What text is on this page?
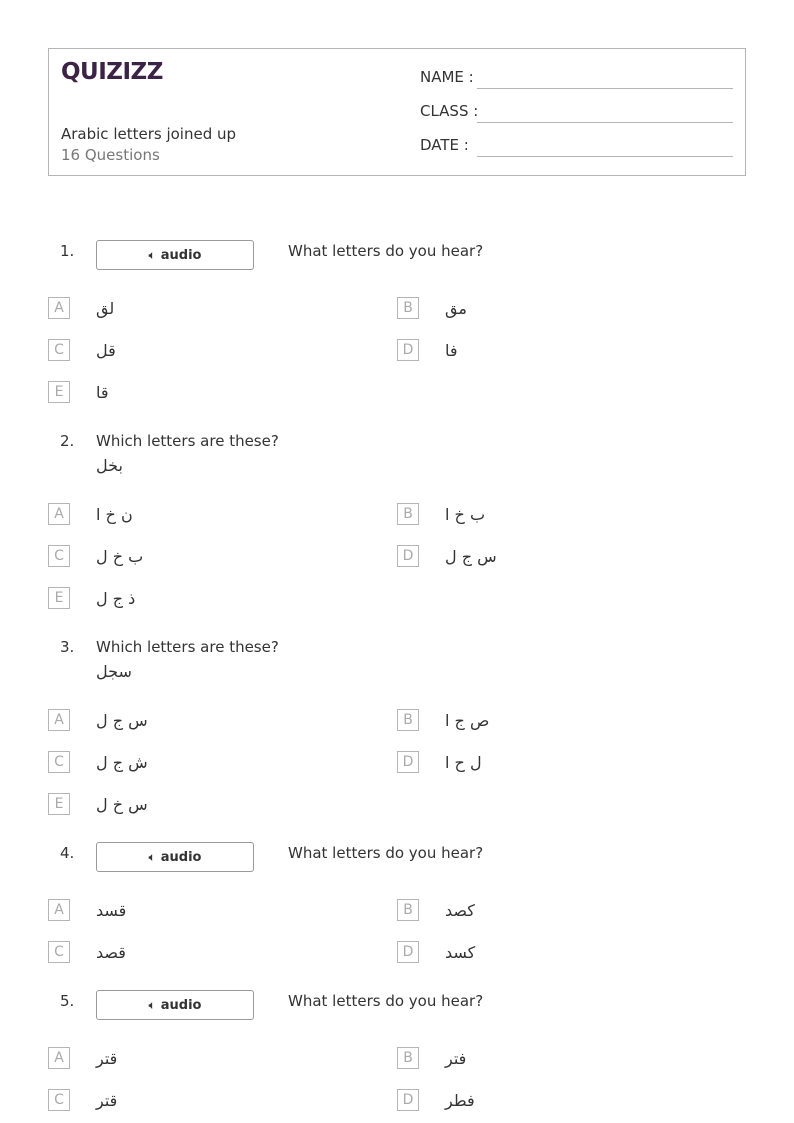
QUIZIZZ
Arabic letters joined up
16 Questions
NAME :
CLASS :
DATE :
1.	🔈︎ audio	What letters do you hear?
A	لق	B	مق
C	قل	D	فا
E	قا
2. Which letters are these?
بخل
A	ن خ ا	B	ب خ ا
C	ب خ ل	D	س ج ل
E	ذ ج ل
3. Which letters are these?
سجل
A	س ج ل	B	ص ج ا
C	ش ج ل	D	ل ح ا
E	س خ ل
4.	🔈︎ audio	What letters do you hear?
A	قسد	B	كصد
C	قصد	D	كسد
5.	🔈︎ audio	What letters do you hear?
A	قتر	B	فتر
C	قتر	D	فطر
